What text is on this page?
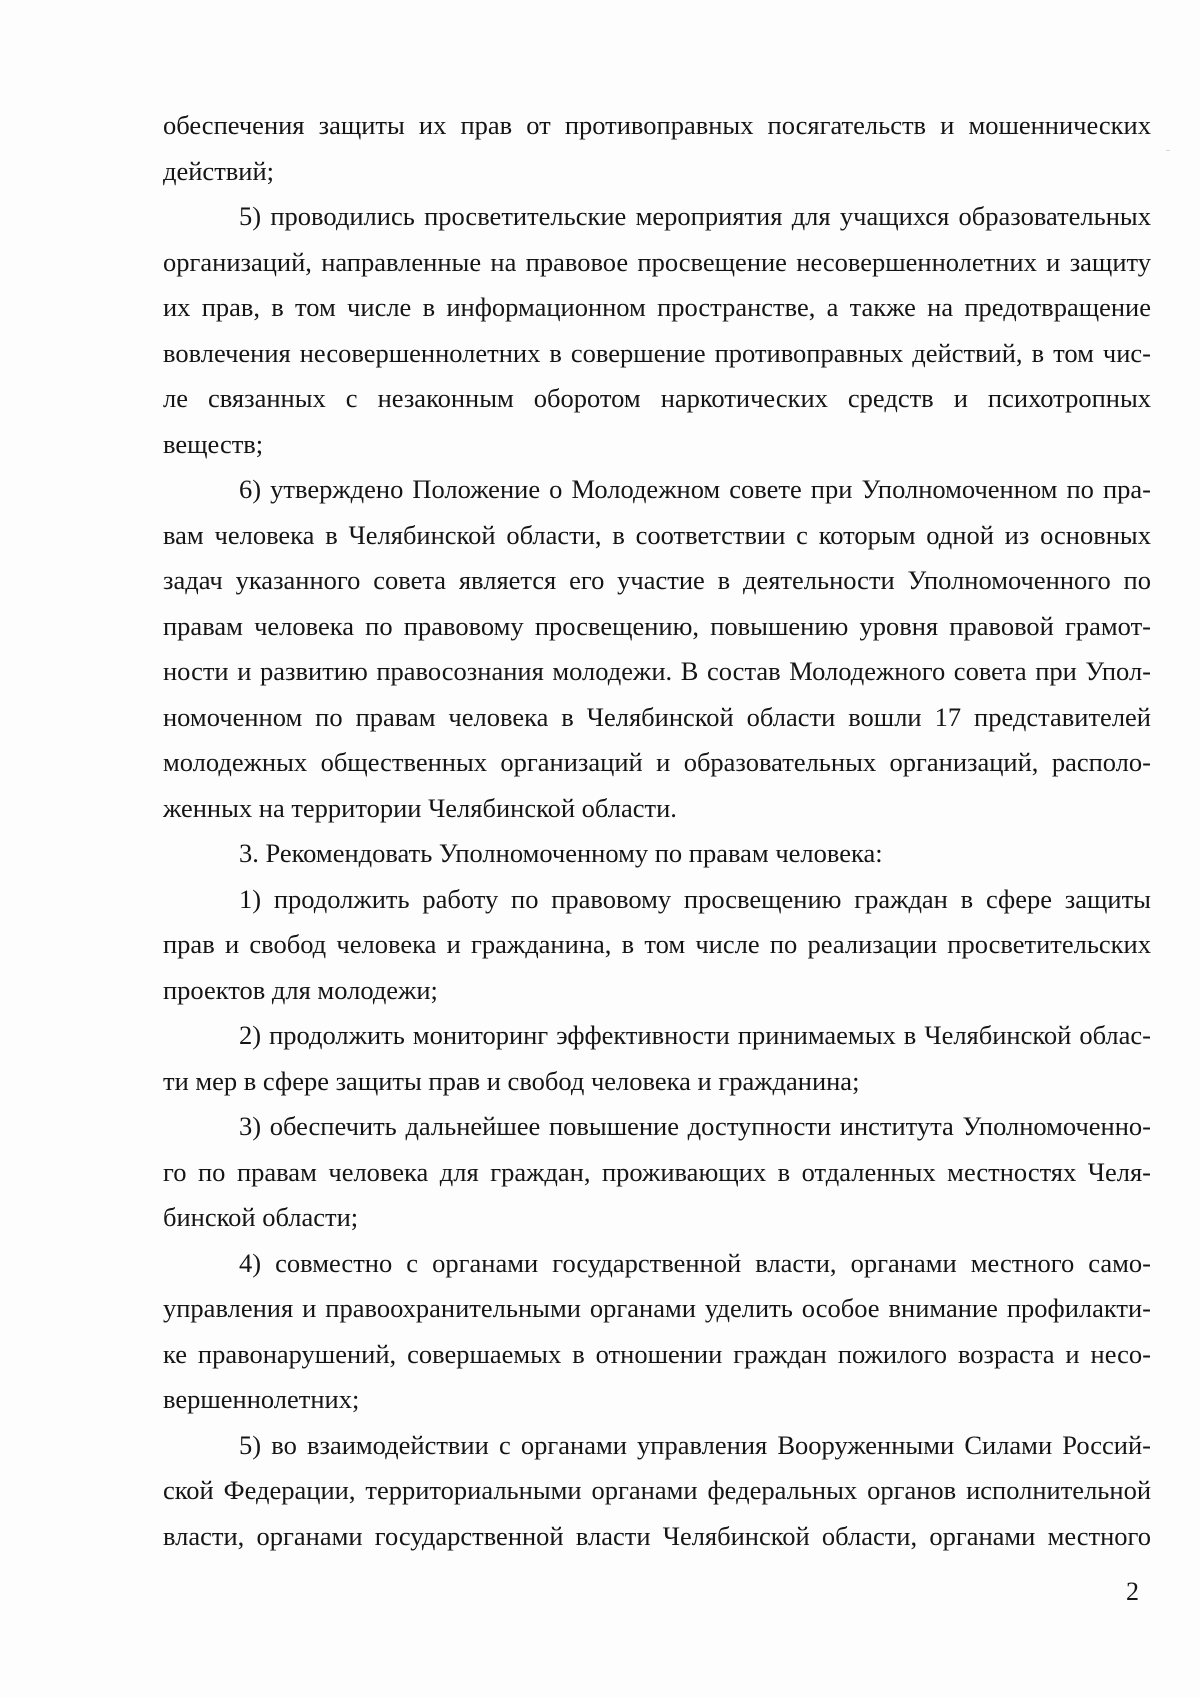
обеспечения защиты их прав от противоправных посягательств и мошеннических
действий;
5) проводились просветительские мероприятия для учащихся образовательных
организаций, направленные на правовое просвещение несовершеннолетних и защиту
их прав, в том числе в информационном пространстве, а также на предотвращение
вовлечения несовершеннолетних в совершение противоправных действий, в том чис-
ле связанных с незаконным оборотом наркотических средств и психотропных
веществ;
6) утверждено Положение о Молодежном совете при Уполномоченном по пра-
вам человека в Челябинской области, в соответствии с которым одной из основных
задач указанного совета является его участие в деятельности Уполномоченного по
правам человека по правовому просвещению, повышению уровня правовой грамот-
ности и развитию правосознания молодежи. В состав Молодежного совета при Упол-
номоченном по правам человека в Челябинской области вошли 17 представителей
молодежных общественных организаций и образовательных организаций, располо-
женных на территории Челябинской области.
3. Рекомендовать Уполномоченному по правам человека:
1) продолжить работу по правовому просвещению граждан в сфере защиты
прав и свобод человека и гражданина, в том числе по реализации просветительских
проектов для молодежи;
2) продолжить мониторинг эффективности принимаемых в Челябинской облас-
ти мер в сфере защиты прав и свобод человека и гражданина;
3) обеспечить дальнейшее повышение доступности института Уполномоченно-
го по правам человека для граждан, проживающих в отдаленных местностях Челя-
бинской области;
4) совместно с органами государственной власти, органами местного само-
управления и правоохранительными органами уделить особое внимание профилакти-
ке правонарушений, совершаемых в отношении граждан пожилого возраста и несо-
вершеннолетних;
5) во взаимодействии с органами управления Вооруженными Силами Россий-
ской Федерации, территориальными органами федеральных органов исполнительной
власти, органами государственной власти Челябинской области, органами местного
2
